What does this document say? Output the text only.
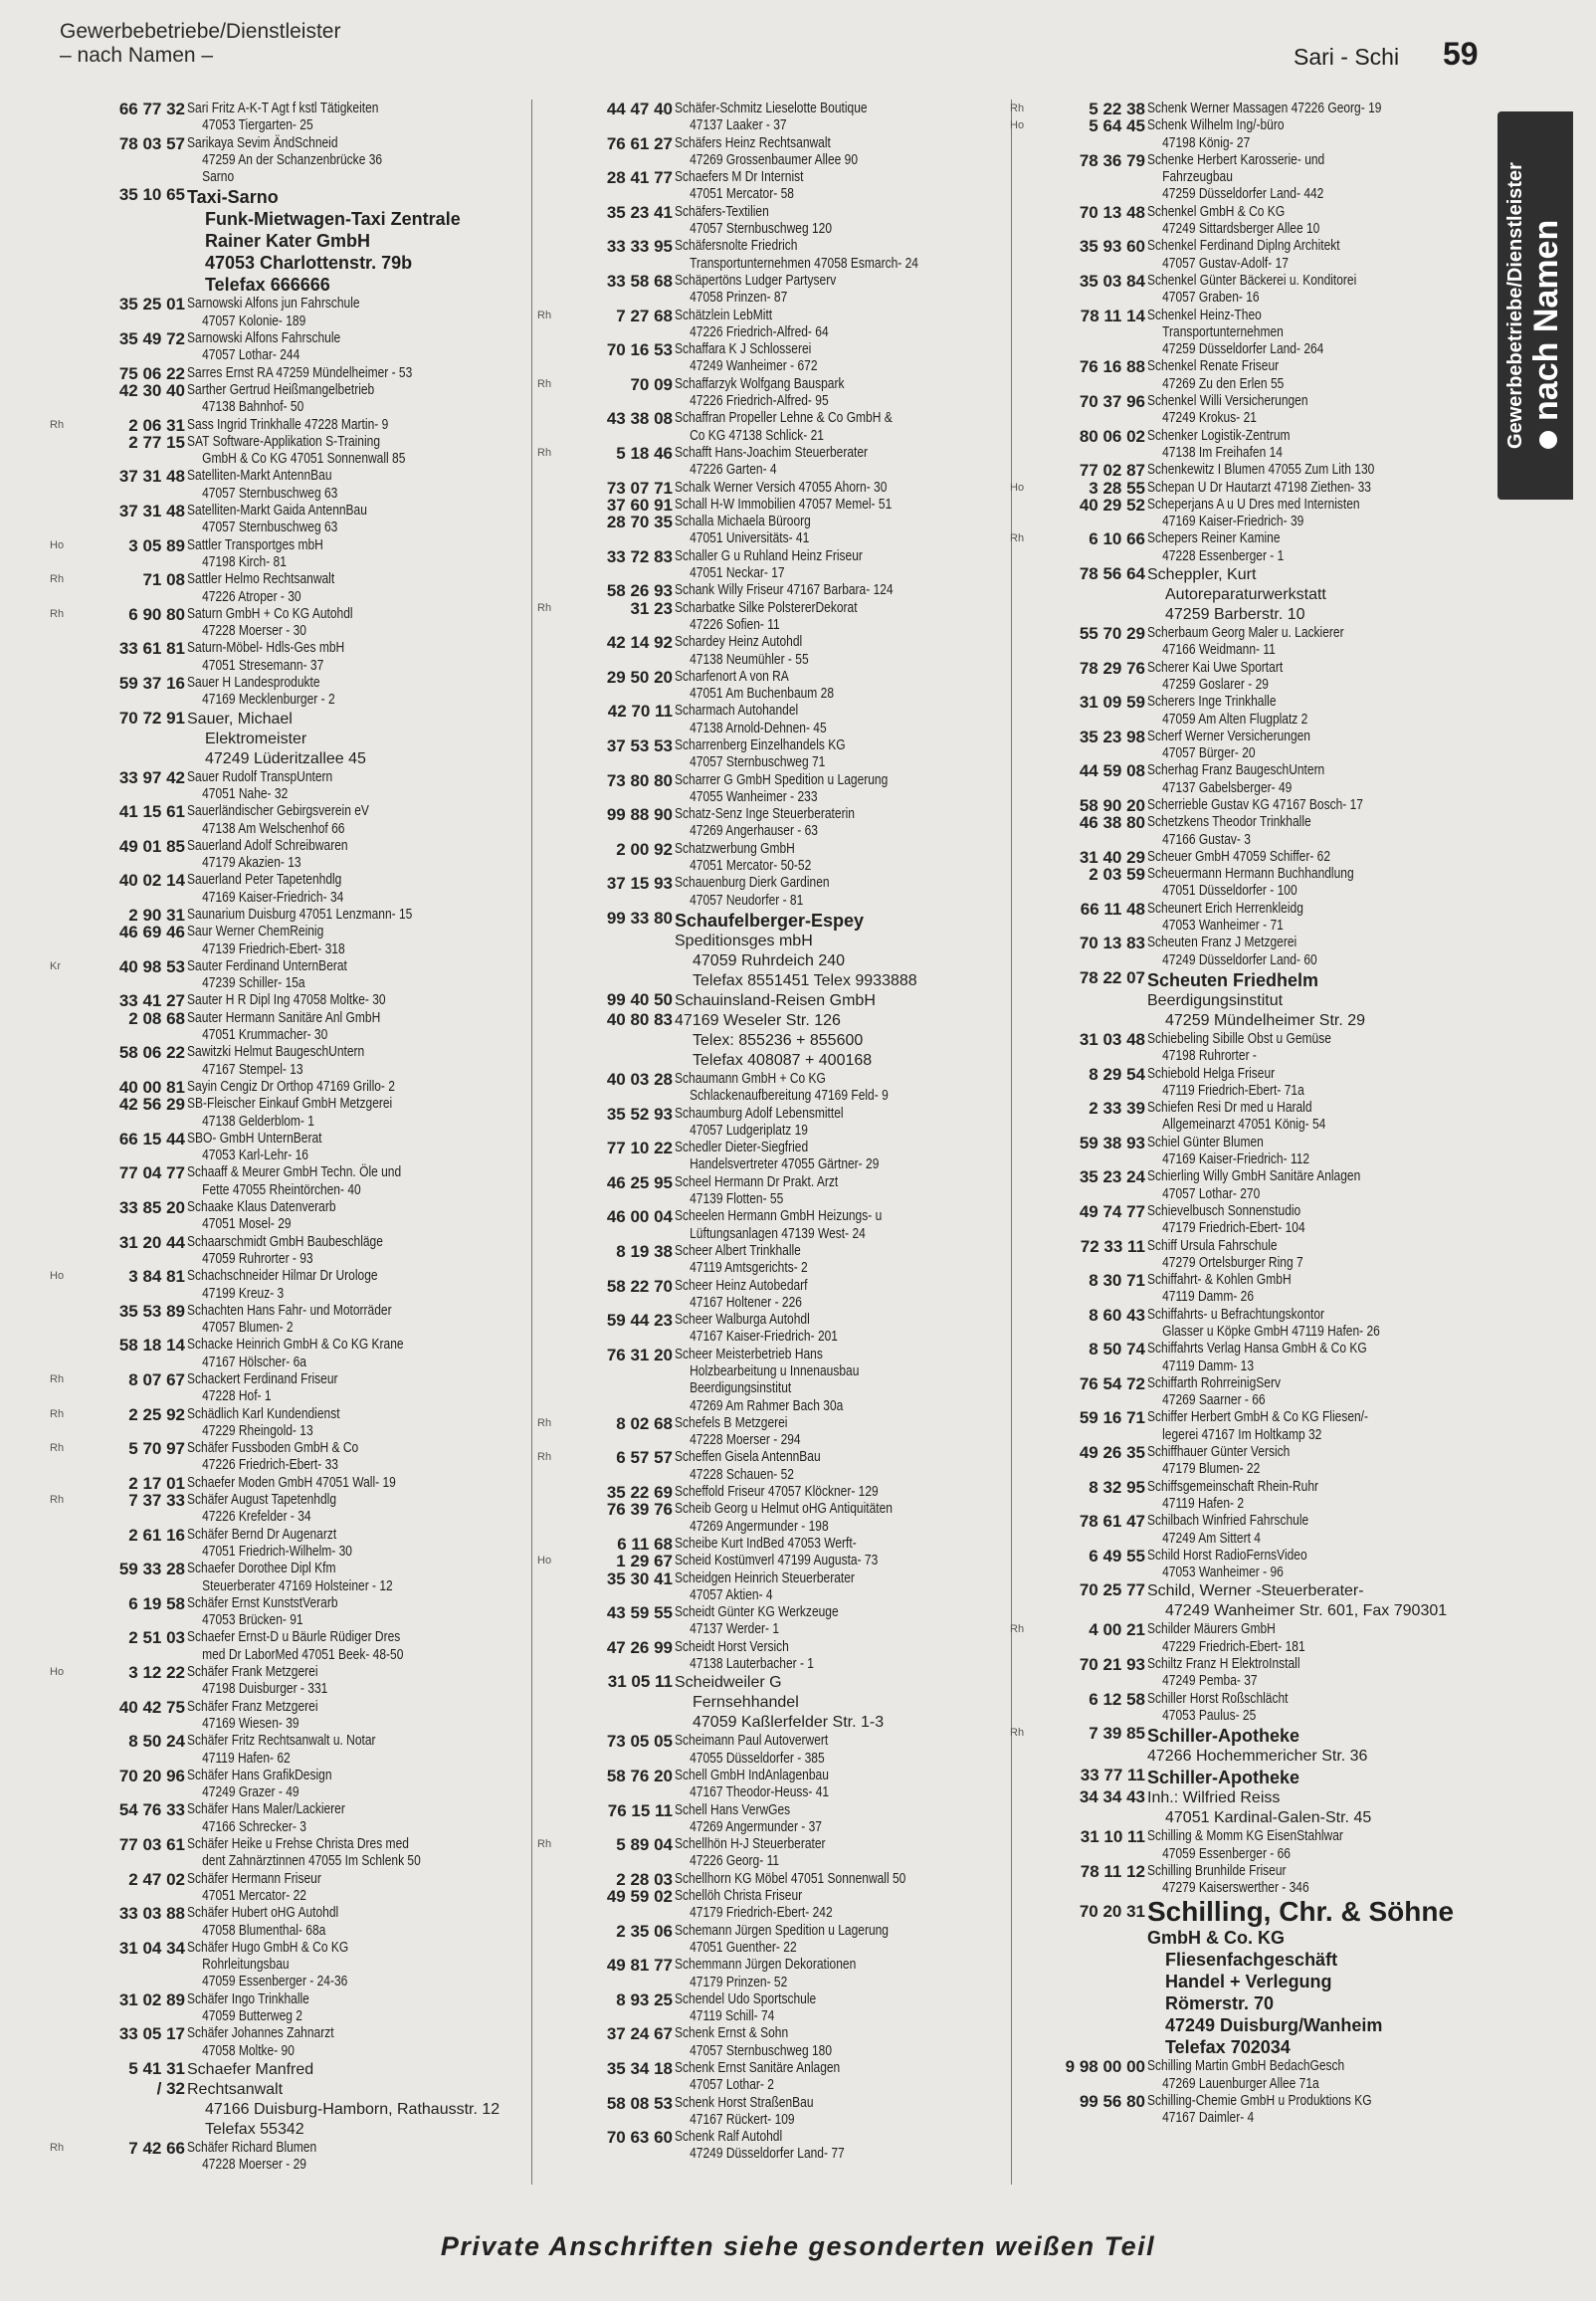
Gewerbebetriebe/Dienstleister
– nach Namen –	Sari - Schi 59
66 77 32 Sari Fritz A-K-T Agt f kstl Tätigkeiten
47053 Tiergarten- 25
78 03 57 Sarikaya Sevim ÄndSchneid
47259 An der Schanzenbrücke 36
Sarno
35 10 65 Taxi-Sarno
Funk-Mietwagen-Taxi Zentrale
Rainer Kater GmbH
47053 Charlottenstr. 79b
Telefax 666666
35 25 01 Sarnowski Alfons jun Fahrschule
47057 Kolonie- 189
35 49 72 Sarnowski Alfons Fahrschule
47057 Lothar- 244
75 06 22 Sarres Ernst RA 47259 Mündelheimer - 53
42 30 40 Sarther Gertrud Heißmangelbetrieb
47138 Bahnhof- 50
Rh	2 06 31 Sass Ingrid Trinkhalle 47228 Martin- 9
2 77 15 SAT Software-Applikation S-Training
GmbH & Co KG 47051 Sonnenwall 85
37 31 48 Satelliten-Markt AntennBau
47057 Sternbuschweg 63
37 31 48 Satelliten-Markt Gaida AntennBau
47057 Sternbuschweg 63
Ho	3 05 89 Sattler Transportges mbH
47198 Kirch- 81
Rh	71 08 Sattler Helmo Rechtsanwalt
47226 Atroper - 30
Rh	6 90 80 Saturn GmbH + Co KG Autohdl
47228 Moerser - 30
33 61 81 Saturn-Möbel- Hdls-Ges mbH
47051 Stresemann- 37
59 37 16 Sauer H Landesprodukte
47169 Mecklenburger - 2
70 72 91 Sauer, Michael
Elektromeister
47249 Lüderitzallee 45
33 97 42 Sauer Rudolf TranspUntern
47051 Nahe- 32
41 15 61 Sauerländischer Gebirgsverein eV
47138 Am Welschenhof 66
49 01 85 Sauerland Adolf Schreibwaren
47179 Akazien- 13
40 02 14 Sauerland Peter Tapetenhdlg
47169 Kaiser-Friedrich- 34
2 90 31 Saunarium Duisburg 47051 Lenzmann- 15
46 69 46 Saur Werner ChemReinig
47139 Friedrich-Ebert- 318
Kr	40 98 53 Sauter Ferdinand UnternBerat
47239 Schiller- 15a
33 41 27 Sauter H R Dipl Ing 47058 Moltke- 30
2 08 68 Sauter Hermann Sanitäre Anl GmbH
47051 Krummacher- 30
58 06 22 Sawitzki Helmut BaugeschUntern
47167 Stempel- 13
40 00 81 Sayin Cengiz Dr Orthop 47169 Grillo- 2
42 56 29 SB-Fleischer Einkauf GmbH Metzgerei
47138 Gelderblom- 1
66 15 44 SBO- GmbH UnternBerat
47053 Karl-Lehr- 16
77 04 77 Schaaff & Meurer GmbH Techn. Öle und
Fette 47055 Rheintörchen- 40
33 85 20 Schaake Klaus Datenverarb
47051 Mosel- 29
31 20 44 Schaarschmidt GmbH Baubeschläge
47059 Ruhrorter - 93
Ho	3 84 81 Schachschneider Hilmar Dr Urologe
47199 Kreuz- 3
35 53 89 Schachten Hans Fahr- und Motorräder
47057 Blumen- 2
58 18 14 Schacke Heinrich GmbH & Co KG Krane
47167 Hölscher- 6a
Rh	8 07 67 Schackert Ferdinand Friseur
47228 Hof- 1
Rh	2 25 92 Schädlich Karl Kundendienst
47229 Rheingold- 13
Rh	5 70 97 Schäfer Fussboden GmbH & Co
47226 Friedrich-Ebert- 33
2 17 01 Schaefer Moden GmbH 47051 Wall- 19
Rh	7 37 33 Schäfer August Tapetenhdlg
47226 Krefelder - 34
2 61 16 Schäfer Bernd Dr Augenarzt
47051 Friedrich-Wilhelm- 30
59 33 28 Schaefer Dorothee Dipl Kfm
Steuerberater 47169 Holsteiner - 12
6 19 58 Schäfer Ernst KunststVerarb
47053 Brücken- 91
2 51 03 Schaefer Ernst-D u Bäurle Rüdiger Dres
med Dr LaborMed 47051 Beek- 48-50
Ho	3 12 22 Schäfer Frank Metzgerei
47198 Duisburger - 331
40 42 75 Schäfer Franz Metzgerei
47169 Wiesen- 39
8 50 24 Schäfer Fritz Rechtsanwalt u. Notar
47119 Hafen- 62
70 20 96 Schäfer Hans GrafikDesign
47249 Grazer - 49
54 76 33 Schäfer Hans Maler/Lackierer
47166 Schrecker- 3
77 03 61 Schäfer Heike u Frehse Christa Dres med
dent Zahnärztinnen 47055 Im Schlenk 50
2 47 02 Schäfer Hermann Friseur
47051 Mercator- 22
33 03 88 Schäfer Hubert oHG Autohdl
47058 Blumenthal- 68a
31 04 34 Schäfer Hugo GmbH & Co KG
Rohrleitungsbau
47059 Essenberger - 24-36
31 02 89 Schäfer Ingo Trinkhalle
47059 Butterweg 2
33 05 17 Schäfer Johannes Zahnarzt
47058 Moltke- 90
5 41 31 Schaefer Manfred
/ 32 Rechtsanwalt
47166 Duisburg-Hamborn, Rathausstr. 12
Telefax 55342
Rh	7 42 66 Schäfer Richard Blumen
47228 Moerser - 29
44 47 40 Schäfer-Schmitz Lieselotte Boutique
47137 Laaker - 37
76 61 27 Schäfers Heinz Rechtsanwalt
47269 Grossenbaumer Allee 90
28 41 77 Schaefers M Dr Internist
47051 Mercator- 58
35 23 41 Schäfers-Textilien
47057 Sternbuschweg 120
33 33 95 Schäfersnolte Friedrich
Transportunternehmen 47058 Esmarch- 24
33 58 68 Schäpertöns Ludger Partyserv
47058 Prinzen- 87
Rh	7 27 68 Schätzlein LebMitt
47226 Friedrich-Alfred- 64
70 16 53 Schaffara K J Schlosserei
47249 Wanheimer - 672
Rh	70 09 Schaffarzyk Wolfgang Bauspark
47226 Friedrich-Alfred- 95
43 38 08 Schaffran Propeller Lehne & Co GmbH &
Co KG 47138 Schlick- 21
Rh	5 18 46 Schafft Hans-Joachim Steuerberater
47226 Garten- 4
73 07 71 Schalk Werner Versich 47055 Ahorn- 30
37 60 91 Schall H-W Immobilien 47057 Memel- 51
28 70 35 Schalla Michaela Büroorg
47051 Universitäts- 41
33 72 83 Schaller G u Ruhland Heinz Friseur
47051 Neckar- 17
58 26 93 Schank Willy Friseur 47167 Barbara- 124
Rh	31 23 Scharbatke Silke PolstererDekorat
47226 Sofien- 11
42 14 92 Schardey Heinz Autohdl
47138 Neumühler - 55
29 50 20 Scharfenort A von RA
47051 Am Buchenbaum 28
42 70 11 Scharmach Autohandel
47138 Arnold-Dehnen- 45
37 53 53 Scharrenberg Einzelhandels KG
47057 Sternbuschweg 71
73 80 80 Scharrer G GmbH Spedition u Lagerung
47055 Wanheimer - 233
99 88 90 Schatz-Senz Inge Steuerberaterin
47269 Angerhauser - 63
2 00 92 Schatzwerbung GmbH
47051 Mercator- 50-52
37 15 93 Schauenburg Dierk Gardinen
47057 Neudorfer - 81
99 33 80 Schaufelberger-Espey
Speditionsges mbH
47059 Ruhrdeich 240
Telefax 8551451 Telex 9933888
99 40 50 Schauinsland-Reisen GmbH
40 80 83 47169 Weseler Str. 126
Telex: 855236 + 855600
Telefax 408087 + 400168
40 03 28 Schaumann GmbH + Co KG
Schlackenaufbereitung 47169 Feld- 9
35 52 93 Schaumburg Adolf Lebensmittel
47057 Ludgeriplatz 19
77 10 22 Schedler Dieter-Siegfried
Handelsvertreter 47055 Gärtner- 29
46 25 95 Scheel Hermann Dr Prakt. Arzt
47139 Flotten- 55
46 00 04 Scheelen Hermann GmbH Heizungs- u
Lüftungsanlagen 47139 West- 24
8 19 38 Scheer Albert Trinkhalle
47119 Amtsgerichts- 2
58 22 70 Scheer Heinz Autobedarf
47167 Holtener - 226
59 44 23 Scheer Walburga Autohdl
47167 Kaiser-Friedrich- 201
76 31 20 Scheer Meisterbetrieb Hans
Holzbearbeitung u Innenausbau
Beerdigungsinstitut
47269 Am Rahmer Bach 30a
Rh	8 02 68 Schefels B Metzgerei
47228 Moerser - 294
Rh	6 57 57 Scheffen Gisela AntennBau
47228 Schauen- 52
35 22 69 Scheffold Friseur 47057 Klöckner- 129
76 39 76 Scheib Georg u Helmut oHG Antiquitäten
47269 Angermunder - 198
6 11 68 Scheibe Kurt IndBed 47053 Werft-
Ho	1 29 67 Scheid Kostümverl 47199 Augusta- 73
35 30 41 Scheidgen Heinrich Steuerberater
47057 Aktien- 4
43 59 55 Scheidt Günter KG Werkzeuge
47137 Werder- 1
47 26 99 Scheidt Horst Versich
47138 Lauterbacher - 1
31 05 11 Scheidweiler G
Fernsehhandel
47059 Kaßlerfelder Str. 1-3
73 05 05 Scheimann Paul Autoverwert
47055 Düsseldorfer - 385
58 76 20 Schell GmbH IndAnlagenbau
47167 Theodor-Heuss- 41
76 15 11 Schell Hans VerwGes
47269 Angermunder - 37
Rh	5 89 04 Schellhön H-J Steuerberater
47226 Georg- 11
2 28 03 Schellhorn KG Möbel 47051 Sonnenwall 50
49 59 02 Schellöh Christa Friseur
47179 Friedrich-Ebert- 242
2 35 06 Schemann Jürgen Spedition u Lagerung
47051 Guenther- 22
49 81 77 Schemmann Jürgen Dekorationen
47179 Prinzen- 52
8 93 25 Schendel Udo Sportschule
47119 Schill- 74
37 24 67 Schenk Ernst & Sohn
47057 Sternbuschweg 180
35 34 18 Schenk Ernst Sanitäre Anlagen
47057 Lothar- 2
58 08 53 Schenk Horst StraßenBau
47167 Rückert- 109
70 63 60 Schenk Ralf Autohdl
47249 Düsseldorfer Land- 77
Rh	5 22 38 Schenk Werner Massagen 47226 Georg- 19
Ho	5 64 45 Schenk Wilhelm Ing/-büro
47198 König- 27
78 36 79 Schenke Herbert Karosserie- und
Fahrzeugbau
47259 Düsseldorfer Land- 442
70 13 48 Schenkel GmbH & Co KG
47249 Sittardsberger Allee 10
35 93 60 Schenkel Ferdinand Diplng Architekt
47057 Gustav-Adolf- 17
35 03 84 Schenkel Günter Bäckerei u. Konditorei
47057 Graben- 16
78 11 14 Schenkel Heinz-Theo
Transportunternehmen
47259 Düsseldorfer Land- 264
76 16 88 Schenkel Renate Friseur
47269 Zu den Erlen 55
70 37 96 Schenkel Willi Versicherungen
47249 Krokus- 21
80 06 02 Schenker Logistik-Zentrum
47138 Im Freihafen 14
77 02 87 Schenkewitz I Blumen 47055 Zum Lith 130
Ho	3 28 55 Schepan U Dr Hautarzt 47198 Ziethen- 33
40 29 52 Scheperjans A u U Dres med Internisten
47169 Kaiser-Friedrich- 39
Rh	6 10 66 Schepers Reiner Kamine
47228 Essenberger - 1
78 56 64 Scheppler, Kurt
Autoreparaturwerkstatt
47259 Barberstr. 10
55 70 29 Scherbaum Georg Maler u. Lackierer
47166 Weidmann- 11
78 29 76 Scherer Kai Uwe Sportart
47259 Goslarer - 29
31 09 59 Scherers Inge Trinkhalle
47059 Am Alten Flugplatz 2
35 23 98 Scherf Werner Versicherungen
47057 Bürger- 20
44 59 08 Scherhag Franz BaugeschUntern
47137 Gabelsberger- 49
58 90 20 Scherrieble Gustav KG 47167 Bosch- 17
46 38 80 Schetzkens Theodor Trinkhalle
47166 Gustav- 3
31 40 29 Scheuer GmbH 47059 Schiffer- 62
2 03 59 Scheuermann Hermann Buchhandlung
47051 Düsseldorfer - 100
66 11 48 Scheunert Erich Herrenkleidg
47053 Wanheimer - 71
70 13 83 Scheuten Franz J Metzgerei
47249 Düsseldorfer Land- 60
78 22 07 Scheuten Friedhelm
Beerdigungsinstitut
47259 Mündelheimer Str. 29
31 03 48 Schiebeling Sibille Obst u Gemüse
47198 Ruhrorter -
8 29 54 Schiebold Helga Friseur
47119 Friedrich-Ebert- 71a
2 33 39 Schiefen Resi Dr med u Harald
Allgemeinarzt 47051 König- 54
59 38 93 Schiel Günter Blumen
47169 Kaiser-Friedrich- 112
35 23 24 Schierling Willy GmbH Sanitäre Anlagen
47057 Lothar- 270
49 74 77 Schievelbusch Sonnenstudio
47179 Friedrich-Ebert- 104
72 33 11 Schiff Ursula Fahrschule
47279 Ortelsburger Ring 7
8 30 71 Schiffahrt- & Kohlen GmbH
47119 Damm- 26
8 60 43 Schiffahrts- u Befrachtungskontor
Glasser u Köpke GmbH 47119 Hafen- 26
8 50 74 Schiffahrts Verlag Hansa GmbH & Co KG
47119 Damm- 13
76 54 72 Schiffarth RohrreinigServ
47269 Saarner - 66
59 16 71 Schiffer Herbert GmbH & Co KG Fliesen/-
legerei 47167 Im Holtkamp 32
49 26 35 Schiffhauer Günter Versich
47179 Blumen- 22
8 32 95 Schiffsgemeinschaft Rhein-Ruhr
47119 Hafen- 2
78 61 47 Schilbach Winfried Fahrschule
47249 Am Sittert 4
6 49 55 Schild Horst RadioFernsVideo
47053 Wanheimer - 96
70 25 77 Schild, Werner -Steuerberater-
47249 Wanheimer Str. 601, Fax 790301
Rh	4 00 21 Schilder Mäurers GmbH
47229 Friedrich-Ebert- 181
70 21 93 Schiltz Franz H ElektroInstall
47249 Pemba- 37
6 12 58 Schiller Horst Roßschlächt
47053 Paulus- 25
Rh	7 39 85 Schiller-Apotheke
47266 Hochemmericher Str. 36
33 77 11 Schiller-Apotheke
34 34 43 Inh.: Wilfried Reiss
47051 Kardinal-Galen-Str. 45
31 10 11 Schilling & Momm KG EisenStahlwar
47059 Essenberger - 66
78 11 12 Schilling Brunhilde Friseur
47279 Kaiserswerther - 346
70 20 31 Schilling, Chr. & Söhne
GmbH & Co. KG
Fliesenfachgeschäft
Handel + Verlegung
Römerstr. 70
47249 Duisburg/Wanheim
Telefax 702034
9 98 00 00 Schilling Martin GmbH BedachGesch
47269 Lauenburger Allee 71a
99 56 80 Schilling-Chemie GmbH u Produktions KG
47167 Daimler- 4
Gewerbebetriebe/Dienstleister nach Namen
Private Anschriften siehe gesonderten weißen Teil
